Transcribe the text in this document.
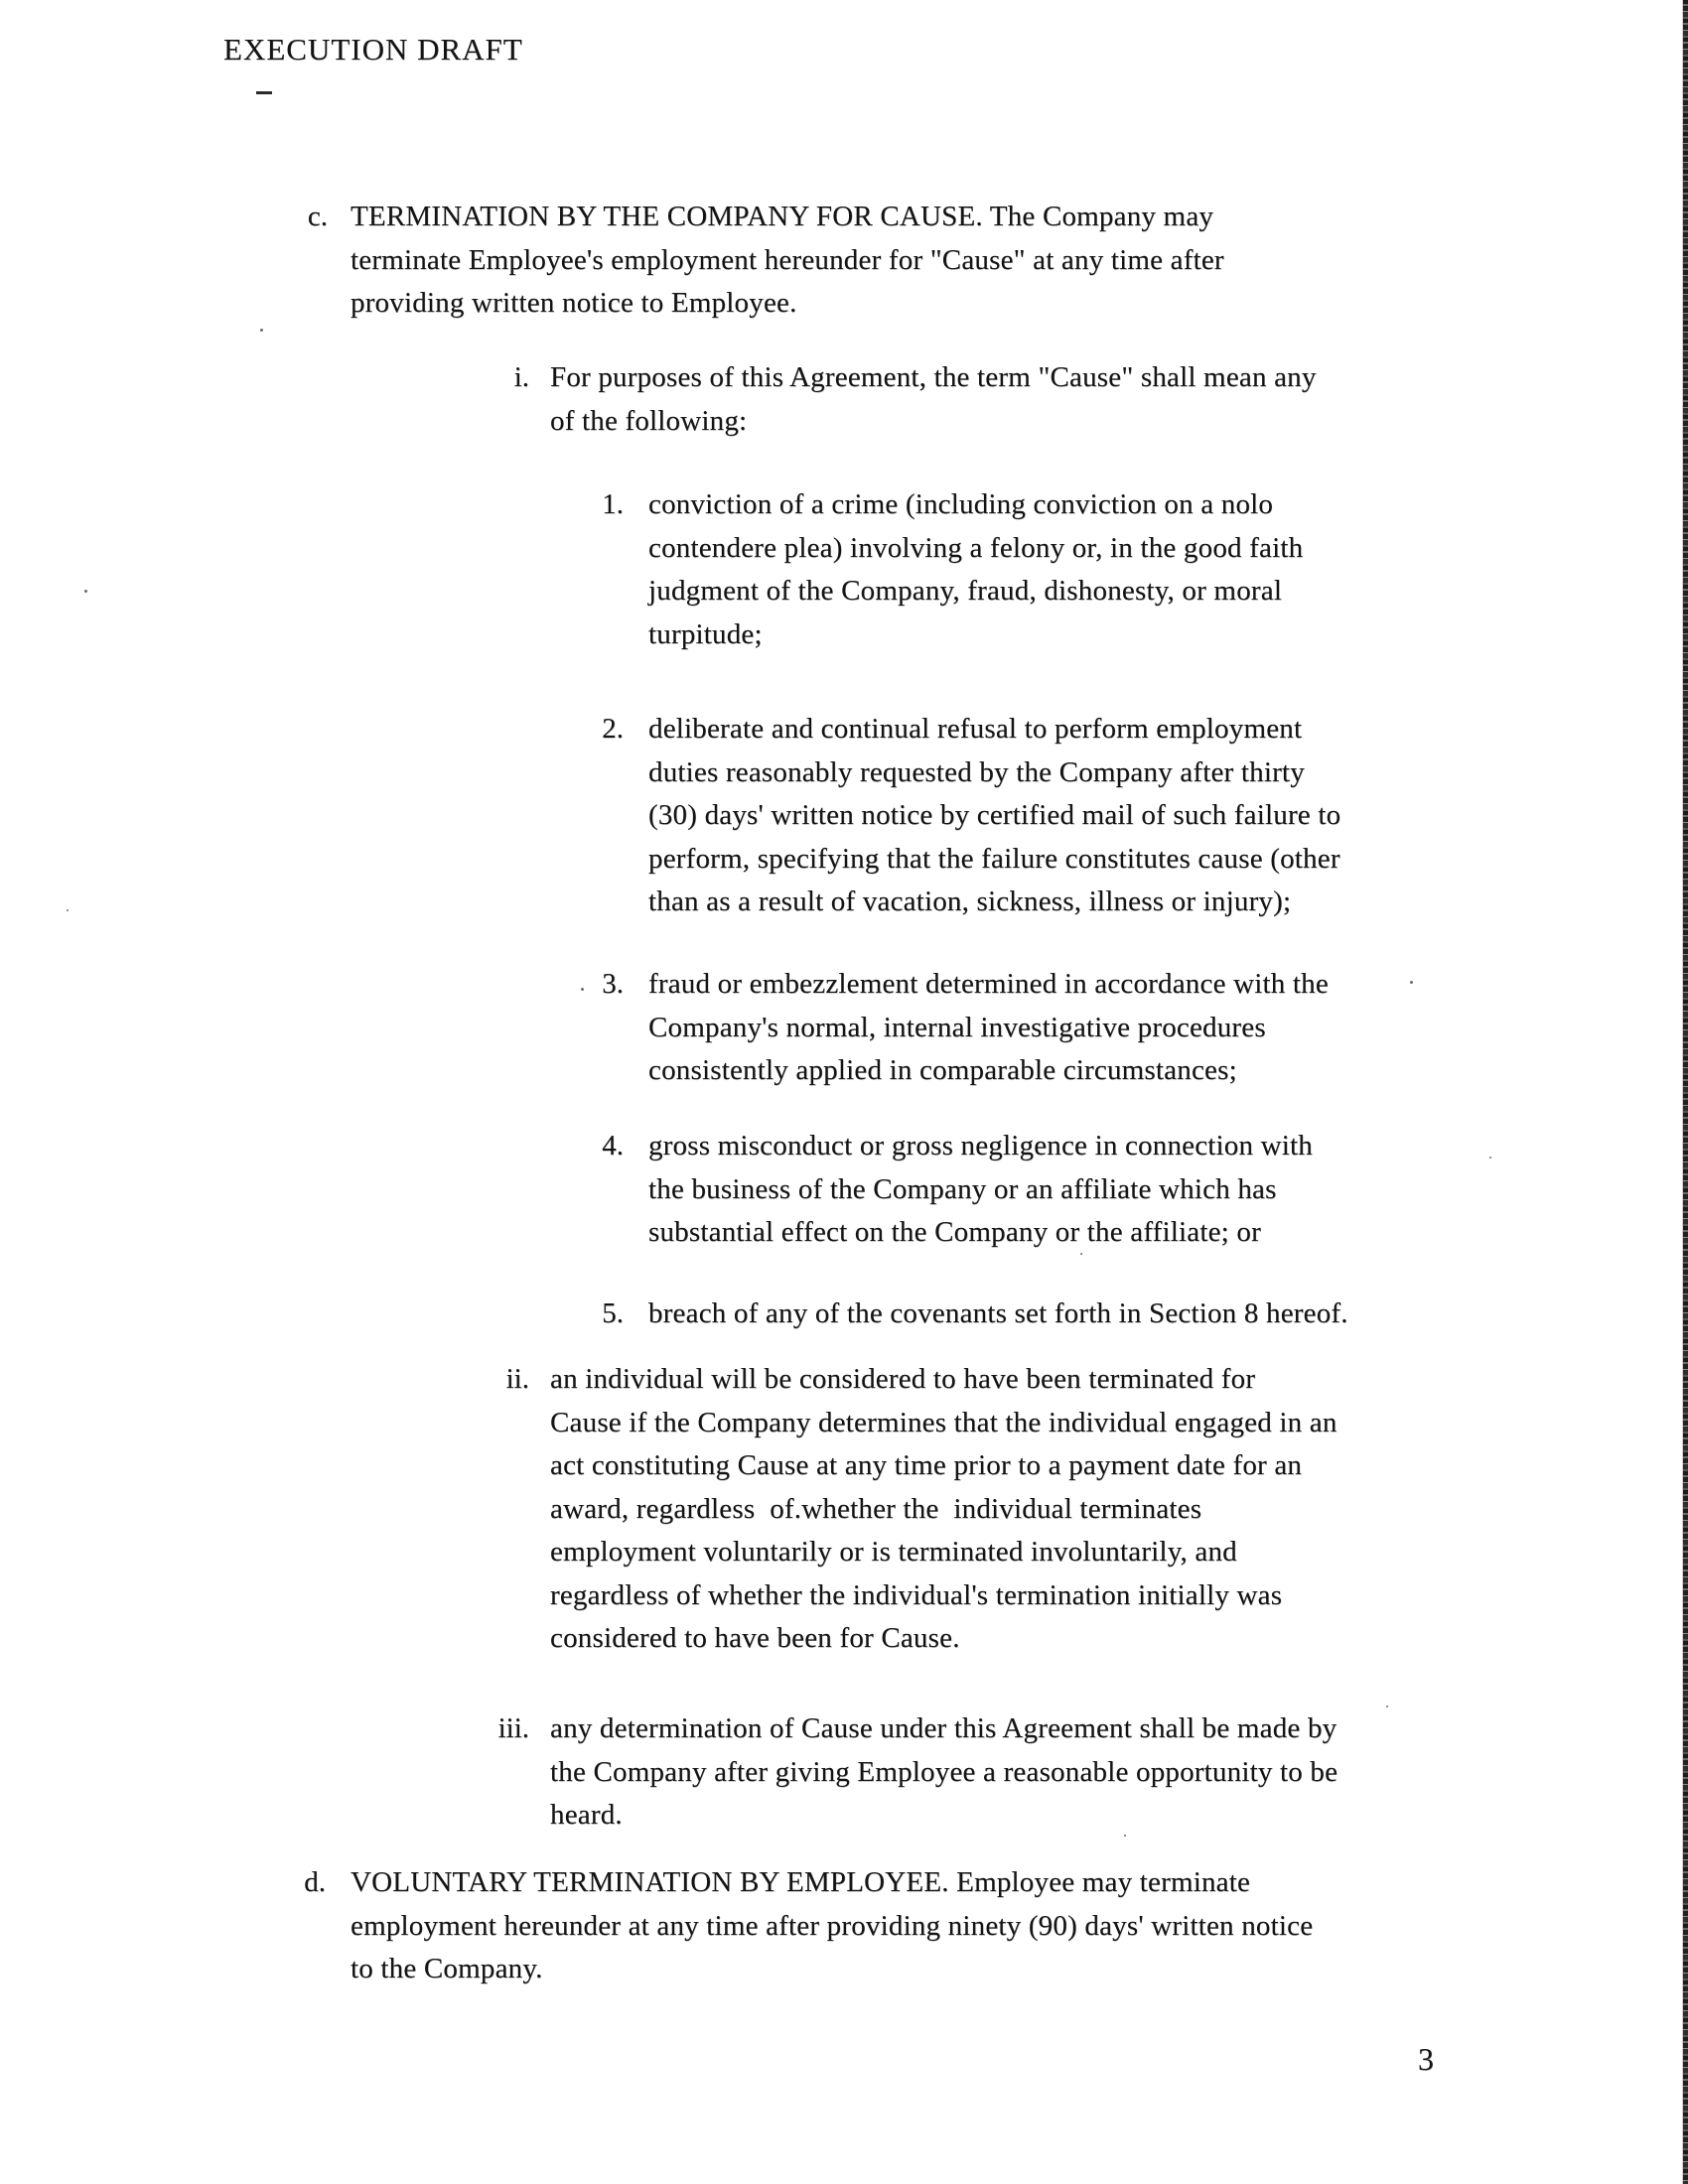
EXECUTION DRAFT
c. TERMINATION BY THE COMPANY FOR CAUSE. The Company may
terminate Employee's employment hereunder for "Cause" at any time after
providing written notice to Employee.
i. For purposes of this Agreement, the term "Cause" shall mean any
of the following:
1. conviction of a crime (including conviction on a nolo
contendere plea) involving a felony or, in the good faith
judgment of the Company, fraud, dishonesty, or moral
turpitude;
2. deliberate and continual refusal to perform employment
duties reasonably requested by the Company after thirty
(30) days' written notice by certified mail of such failure to
perform, specifying that the failure constitutes cause (other
than as a result of vacation, sickness, illness or injury);
3. fraud or embezzlement determined in accordance with the
Company's normal, internal investigative procedures
consistently applied in comparable circumstances;
4. gross misconduct or gross negligence in connection with
the business of the Company or an affiliate which has
substantial effect on the Company or the affiliate; or
5. breach of any of the covenants set forth in Section 8 hereof.
ii. an individual will be considered to have been terminated for
Cause if the Company determines that the individual engaged in an
act constituting Cause at any time prior to a payment date for an
award, regardless  of.whether the  individual terminates
employment voluntarily or is terminated involuntarily, and
regardless of whether the individual's termination initially was
considered to have been for Cause.
iii. any determination of Cause under this Agreement shall be made by
the Company after giving Employee a reasonable opportunity to be
heard.
d. VOLUNTARY TERMINATION BY EMPLOYEE. Employee may terminate
employment hereunder at any time after providing ninety (90) days' written notice
to the Company.
3
